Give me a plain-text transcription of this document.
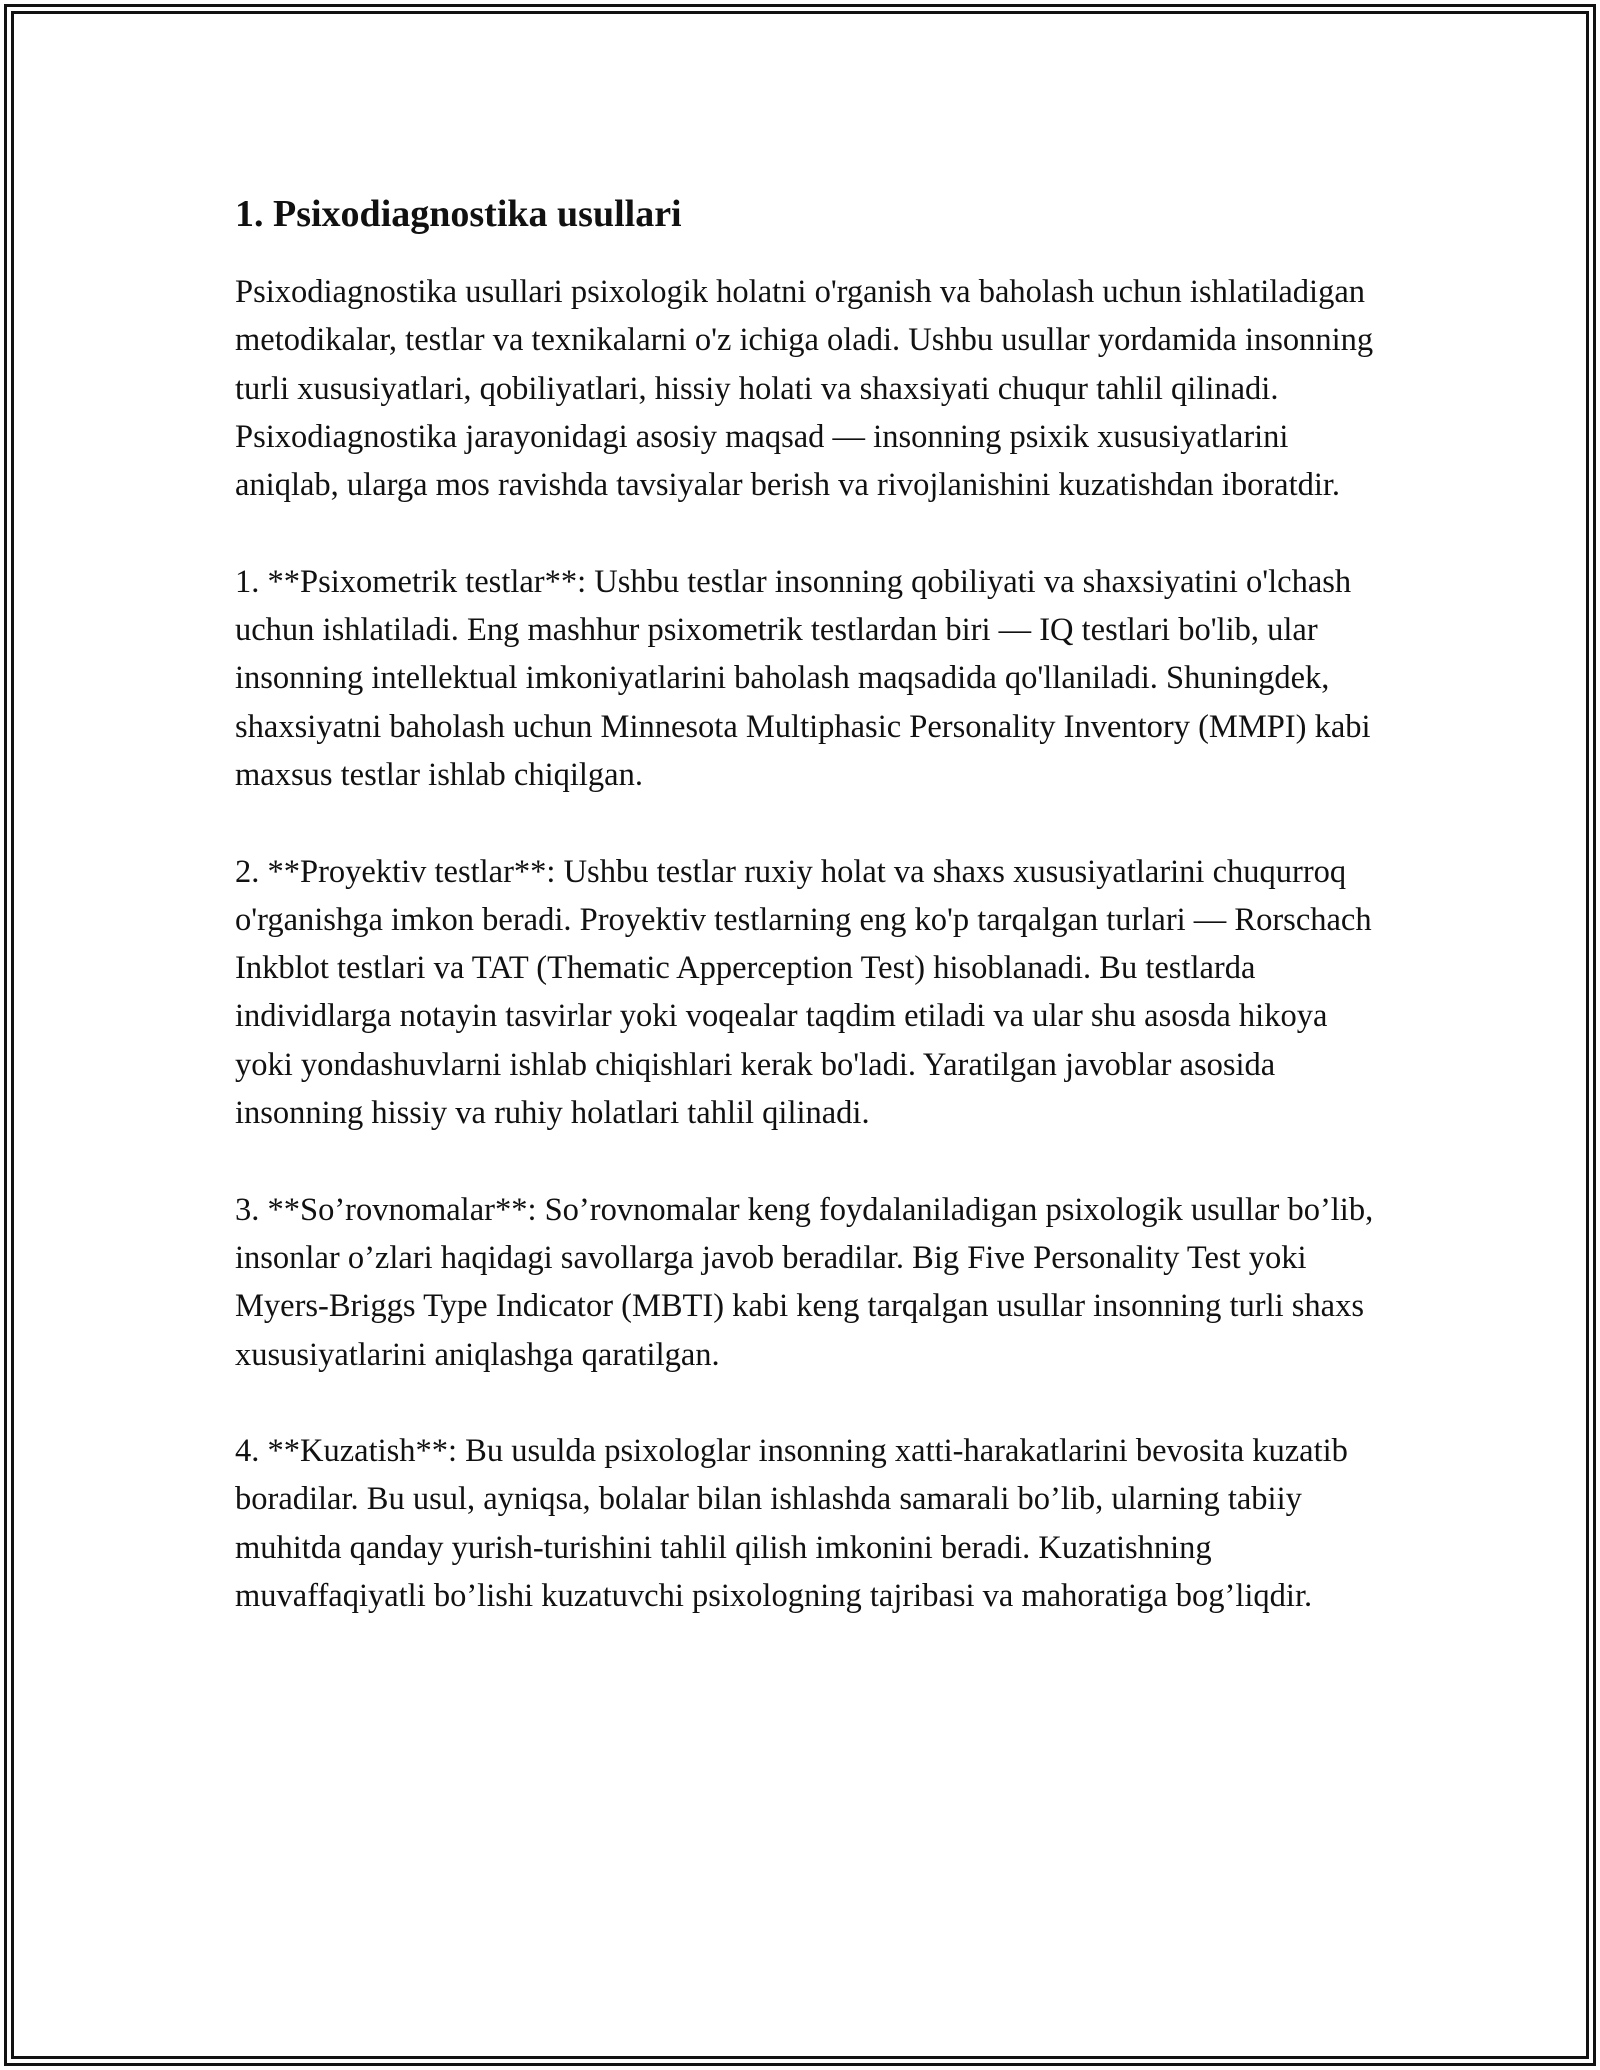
1. Psixodiagnostika usullari

Psixodiagnostika usullari psixologik holatni o'rganish va baholash uchun ishlatiladigan metodikalar, testlar va texnikalarni o'z ichiga oladi. Ushbu usullar yordamida insonning turli xususiyatlari, qobiliyatlari, hissiy holati va shaxsiyati chuqur tahlil qilinadi. Psixodiagnostika jarayonidagi asosiy maqsad — insonning psixik xususiyatlarini aniqlab, ularga mos ravishda tavsiyalar berish va rivojlanishini kuzatishdan iboratdir.

1. **Psixometrik testlar**: Ushbu testlar insonning qobiliyati va shaxsiyatini o'lchash uchun ishlatiladi. Eng mashhur psixometrik testlardan biri — IQ testlari bo'lib, ular insonning intellektual imkoniyatlarini baholash maqsadida qo'llaniladi. Shuningdek, shaxsiyatni baholash uchun Minnesota Multiphasic Personality Inventory (MMPI) kabi maxsus testlar ishlab chiqilgan.

2. **Proyektiv testlar**: Ushbu testlar ruxiy holat va shaxs xususiyatlarini chuqurroq o'rganishga imkon beradi. Proyektiv testlarning eng ko'p tarqalgan turlari — Rorschach Inkblot testlari va TAT (Thematic Apperception Test) hisoblanadi. Bu testlarda individlarga notayin tasvirlar yoki voqealar taqdim etiladi va ular shu asosda hikoya yoki yondashuvlarni ishlab chiqishlari kerak bo'ladi. Yaratilgan javoblar asosida insonning hissiy va ruhiy holatlari tahlil qilinadi.

3. **So’rovnomalar**: So’rovnomalar keng foydalaniladigan psixologik usullar bo’lib, insonlar o’zlari haqidagi savollarga javob beradilar. Big Five Personality Test yoki Myers-Briggs Type Indicator (MBTI) kabi keng tarqalgan usullar insonning turli shaxs xususiyatlarini aniqlashga qaratilgan.

4. **Kuzatish**: Bu usulda psixologlar insonning xatti-harakatlarini bevosita kuzatib boradilar. Bu usul, ayniqsa, bolalar bilan ishlashda samarali bo’lib, ularning tabiiy muhitda qanday yurish-turishini tahlil qilish imkonini beradi. Kuzatishning muvaffaqiyatli bo’lishi kuzatuvchi psixologning tajribasi va mahoratiga bog’liqdir.
